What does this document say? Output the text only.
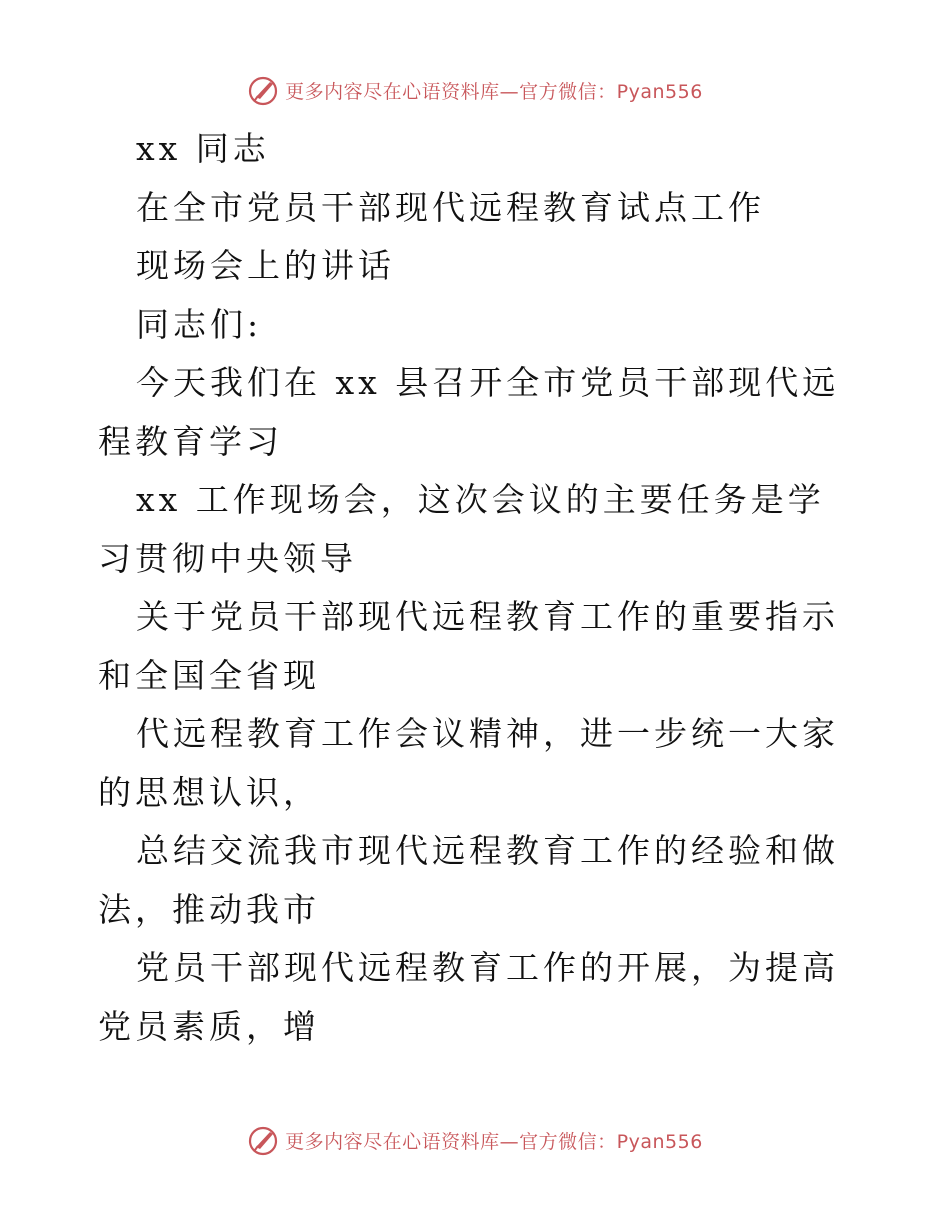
更多内容尽在心语资料库—官方微信：Pyan556

xx 同志

在全市党员干部现代远程教育试点工作

现场会上的讲话

同志们:

今天我们在 xx 县召开全市党员干部现代远程教育学习

xx 工作现场会，这次会议的主要任务是学习贯彻中央领导

关于党员干部现代远程教育工作的重要指示和全国全省现

代远程教育工作会议精神，进一步统一大家的思想认识，

总结交流我市现代远程教育工作的经验和做法，推动我市

党员干部现代远程教育工作的开展，为提高党员素质，增

更多内容尽在心语资料库—官方微信：Pyan556
